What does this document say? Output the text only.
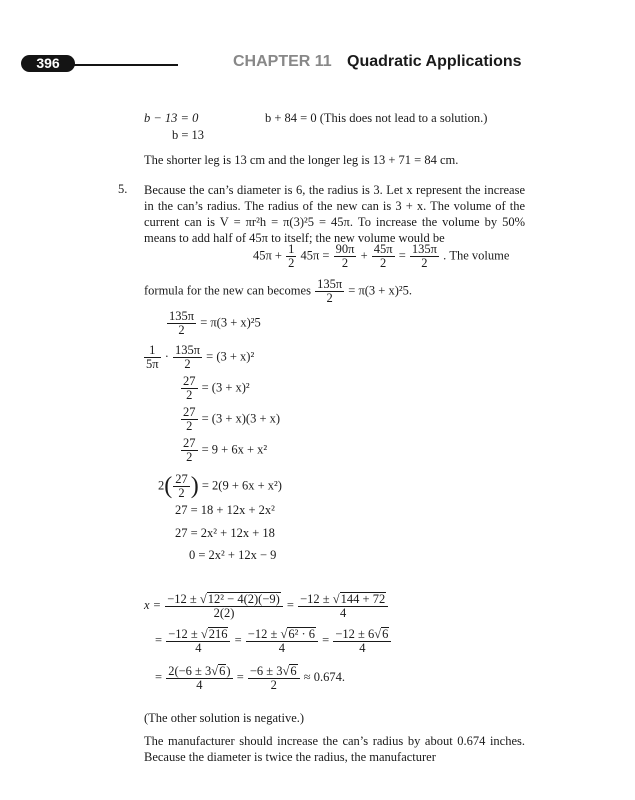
396	CHAPTER 11 Quadratic Applications
b − 13 = 0	b + 84 = 0 (This does not lead to a solution.)
b = 13
The shorter leg is 13 cm and the longer leg is 13 + 71 = 84 cm.
5. Because the can’s diameter is 6, the radius is 3. Let x represent the increase in the can’s radius. The radius of the new can is 3 + x. The volume of the current can is V = πr²h = π(3)²5 = 45π. To increase the volume by 50% means to add half of 45π to itself; the new volume would be
$45\pi + \frac{1}{2} 45\pi = \frac{90\pi}{2} + \frac{45\pi}{2} = \frac{135\pi}{2}$ . The volume
formula for the new can becomes $\frac{135\pi}{2} = \pi(3 + x)^25$.
$\frac{135\pi}{2} = \pi(3 + x)^25$
$\frac{1}{5\pi} \cdot \frac{135\pi}{2} = (3 + x)^2$
$\frac{27}{2} = (3 + x)^2$
$\frac{27}{2} = (3 + x)(3 + x)$
$\frac{27}{2} = 9 + 6x + x^2$
$2( \frac{27}{2}$ ) = 2(9 + 6x + x²)
27 = 18 + 12x + 2x²
27 = 2x² + 12x + 18
0 = 2x² + 12x − 9
$x = \frac{\text{−12 ± √12² − 4(2)(−9)}}{2(2)} = \frac{-12 \pm √144 + 72}{4}$
= $\frac{-12 \pm √216}{4} = \frac{\text{−12 ± √6² · 6}}{4} = \frac{-12 \pm 6√6}{4}$
= $\frac{2(-6 \pm 3√6)}{4} = \frac{-6 \pm 3√6}{2} \approx 0.674$.
(The other solution is negative.)
The manufacturer should increase the can’s radius by about 0.674 inches. Because the diameter is twice the radius, the manufacturer
